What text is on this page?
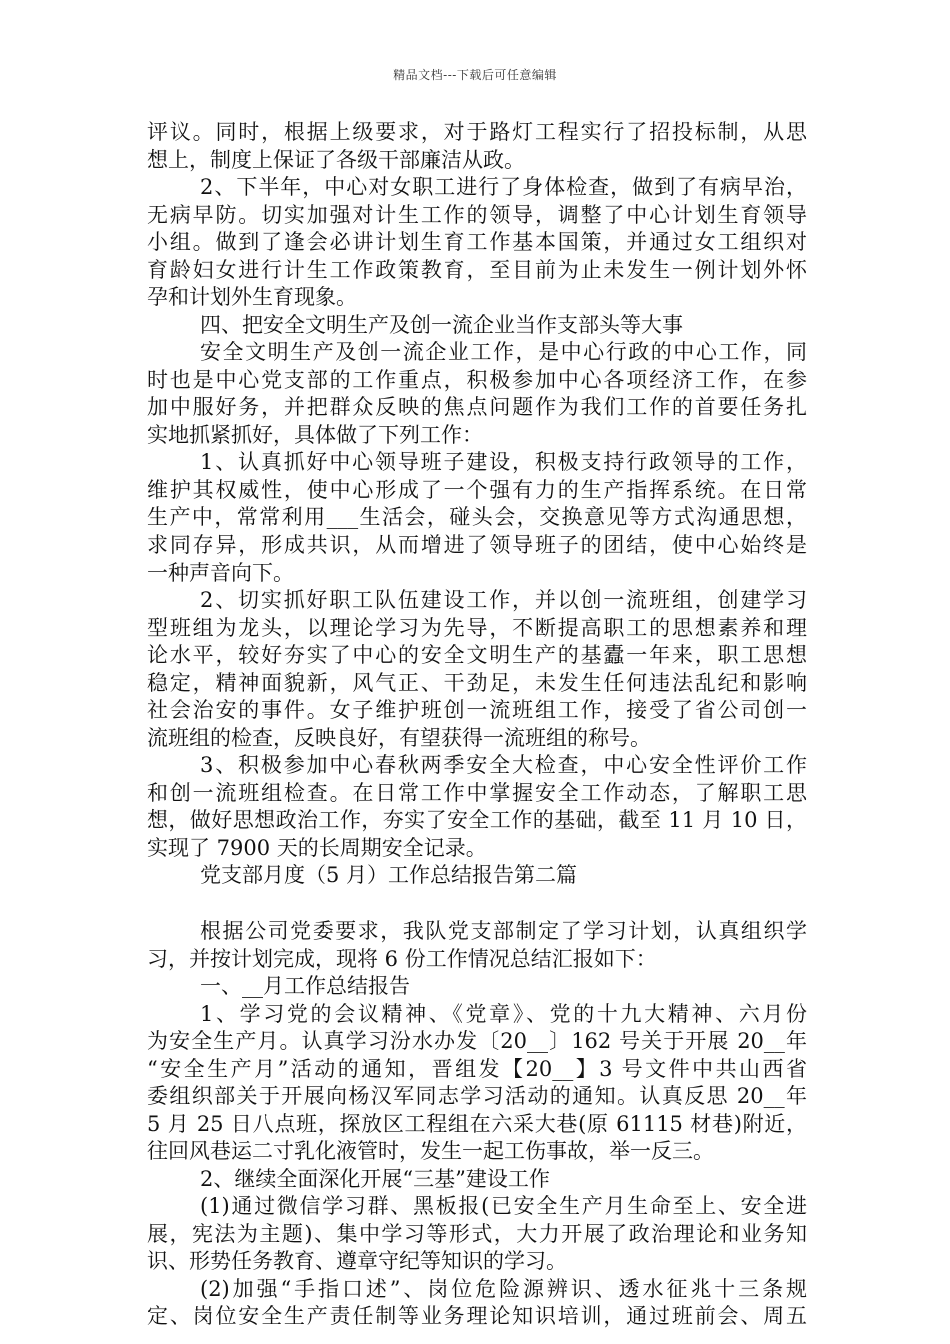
精品文档---下载后可任意编辑
评议。同时，根据上级要求，对于路灯工程实行了招投标制，从思
想上，制度上保证了各级干部廉洁从政。
2、下半年，中心对女职工进行了身体检查，做到了有病早治，
无病早防。切实加强对计生工作的领导，调整了中心计划生育领导
小组。做到了逢会必讲计划生育工作基本国策，并通过女工组织对
育龄妇女进行计生工作政策教育，至目前为止未发生一例计划外怀
孕和计划外生育现象。
四、把安全文明生产及创一流企业当作支部头等大事
安全文明生产及创一流企业工作，是中心行政的中心工作，同
时也是中心党支部的工作重点，积极参加中心各项经济工作，在参
加中服好务，并把群众反映的焦点问题作为我们工作的首要任务扎
实地抓紧抓好，具体做了下列工作：
1、认真抓好中心领导班子建设，积极支持行政领导的工作，
维护其权威性，使中心形成了一个强有力的生产指挥系统。在日常
生产中，常常利用___生活会，碰头会，交换意见等方式沟通思想，
求同存异，形成共识，从而增进了领导班子的团结，使中心始终是
一种声音向下。
2、切实抓好职工队伍建设工作，并以创一流班组，创建学习
型班组为龙头，以理论学习为先导，不断提高职工的思想素养和理
论水平，较好夯实了中心的安全文明生产的基蠹一年来，职工思想
稳定，精神面貌新，风气正、干劲足，未发生任何违法乱纪和影响
社会治安的事件。女子维护班创一流班组工作，接受了省公司创一
流班组的检查，反映良好，有望获得一流班组的称号。
3、积极参加中心春秋两季安全大检查，中心安全性评价工作
和创一流班组检查。在日常工作中掌握安全工作动态，了解职工思
想，做好思想政治工作，夯实了安全工作的基础，截至 11 月 10 日，
实现了 7900 天的长周期安全记录。
党支部月度（5 月）工作总结报告第二篇
根据公司党委要求，我队党支部制定了学习计划，认真组织学
习，并按计划完成，现将 6 份工作情况总结汇报如下：
一、__月工作总结报告
1、学习党的会议精神、《党章》、党的十九大精神、六月份
为安全生产月。认真学习汾水办发〔20__〕162 号关于开展 20__年
“安全生产月”活动的通知，晋组发【20__】3 号文件中共山西省
委组织部关于开展向杨汉军同志学习活动的通知。认真反思 20__年
5 月 25 日八点班，探放区工程组在六采大巷(原 61115 材巷)附近，
往回风巷运二寸乳化液管时，发生一起工伤事故，举一反三。
2、继续全面深化开展“三基”建设工作
(1)通过微信学习群、黑板报(已安全生产月生命至上、安全进
展，宪法为主题)、集中学习等形式，大力开展了政治理论和业务知
识、形势任务教育、遵章守纪等知识的学习。
(2)加强“手指口述”、岗位危险源辨识、透水征兆十三条规
定、岗位安全生产责任制等业务理论知识培训，通过班前会、周五
